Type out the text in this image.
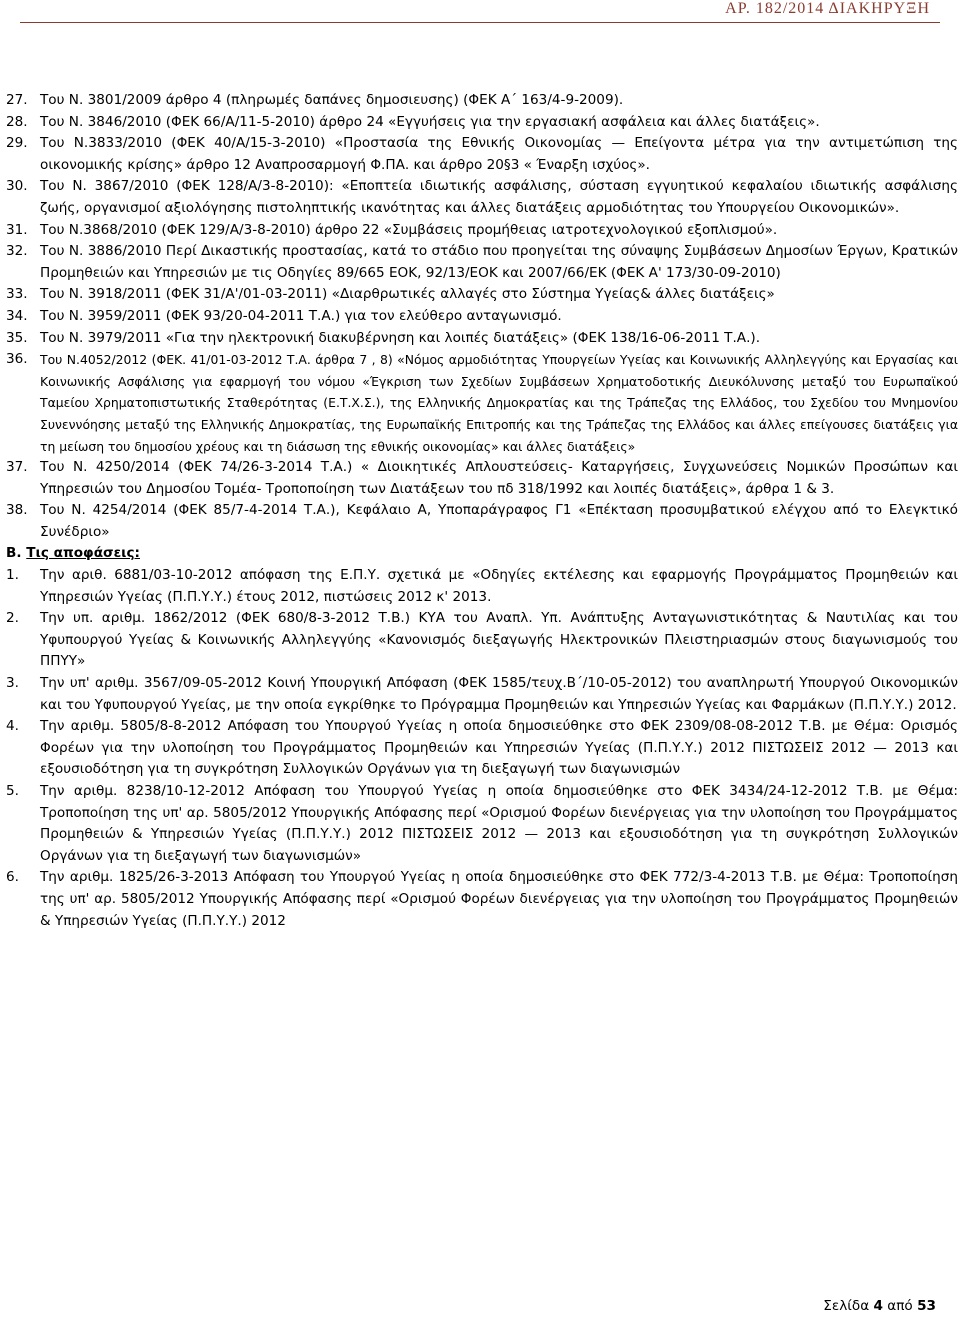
ΑΡ. 182/2014 ΔΙΑΚΗΡΥΞΗ
27. Του Ν. 3801/2009 άρθρο 4 (πληρωμές δαπάνες δημοσιευσης) (ΦΕΚ Α΄ 163/4-9-2009).
28. Του Ν. 3846/2010 (ΦΕΚ 66/Α/11-5-2010) άρθρο 24 «Εγγυήσεις για την εργασιακή ασφάλεια και άλλες διατάξεις».
29. Του Ν.3833/2010 (ΦΕΚ 40/Α/15-3-2010) «Προστασία της Εθνικής Οικονομίας — Επείγοντα μέτρα για την αντιμετώπιση της οικονομικής κρίσης» άρθρο 12 Αναπροσαρμογή Φ.ΠΑ. και άρθρο 20§3 « Έναρξη ισχύος».
30. Του Ν. 3867/2010 (ΦΕΚ 128/Α/3-8-2010): «Εποπτεία ιδιωτικής ασφάλισης, σύσταση εγγυητικού κεφαλαίου ιδιωτικής ασφάλισης ζωής, οργανισμοί αξιολόγησης πιστοληπτικής ικανότητας και άλλες διατάξεις αρμοδιότητας του Υπουργείου Οικονομικών».
31. Του Ν.3868/2010 (ΦΕΚ 129/Α/3-8-2010) άρθρο 22 «Συμβάσεις προμήθειας ιατροτεχνολογικού εξοπλισμού».
32. Του Ν. 3886/2010 Περί Δικαστικής προστασίας, κατά το στάδιο που προηγείται της σύναψης Συμβάσεων Δημοσίων Έργων, Κρατικών Προμηθειών και Υπηρεσιών με τις Οδηγίες 89/665 ΕΟΚ, 92/13/ΕΟΚ και 2007/66/ΕΚ (ΦΕΚ Α' 173/30-09-2010)
33. Του Ν. 3918/2011 (ΦΕΚ 31/Α'/01-03-2011) «Διαρθρωτικές αλλαγές στο Σύστημα Υγείας& άλλες διατάξεις»
34. Του Ν. 3959/2011 (ΦΕΚ 93/20-04-2011 Τ.Α.) για τον ελεύθερο ανταγωνισμό.
35. Του Ν. 3979/2011 «Για την ηλεκτρονική διακυβέρνηση και λοιπές διατάξεις» (ΦΕΚ 138/16-06-2011 Τ.Α.).
36. Του Ν.4052/2012 (ΦΕΚ. 41/01-03-2012 Τ.Α. άρθρα 7 , 8) «Νόμος αρμοδιότητας Υπουργείων Υγείας και Κοινωνικής Αλληλεγγύης και Εργασίας και Κοινωνικής Ασφάλισης για εφαρμογή του νόμου «Έγκριση των Σχεδίων Συμβάσεων Χρηματοδοτικής Διευκόλυνσης μεταξύ του Ευρωπαϊκού Ταμείου Χρηματοπιστωτικής Σταθερότητας (Ε.Τ.Χ.Σ.), της Ελληνικής Δημοκρατίας και της Τράπεζας της Ελλάδος, του Σχεδίου του Μνημονίου Συνεννόησης μεταξύ της Ελληνικής Δημοκρατίας, της Ευρωπαϊκής Επιτροπής και της Τράπεζας της Ελλάδος και άλλες επείγουσες διατάξεις για τη μείωση του δημοσίου χρέους και τη διάσωση της εθνικής οικονομίας» και άλλες διατάξεις»
37. Του Ν. 4250/2014 (ΦΕΚ 74/26-3-2014 Τ.Α.) « Διοικητικές Απλουστεύσεις- Καταργήσεις, Συγχωνεύσεις Νομικών Προσώπων και Υπηρεσιών του Δημοσίου Τομέα- Τροποποίηση των Διατάξεων του πδ 318/1992 και λοιπές διατάξεις», άρθρα 1 & 3.
38. Του Ν. 4254/2014 (ΦΕΚ 85/7-4-2014 Τ.Α.), Κεφάλαιο Α, Υποπαράγραφος Γ1 «Επέκταση προσυμβατικού ελέγχου από το Ελεγκτικό Συνέδριο»
Β. Τις αποφάσεις:
1.	Την αριθ. 6881/03-10-2012 απόφαση της Ε.Π.Υ. σχετικά με «Οδηγίες εκτέλεσης και εφαρμογής Προγράμματος Προμηθειών και Υπηρεσιών Υγείας (Π.Π.Υ.Υ.) έτους 2012, πιστώσεις 2012 κ' 2013.
2.	Την υπ. αριθμ. 1862/2012 (ΦΕΚ 680/8-3-2012 Τ.Β.) ΚΥΑ του Αναπλ. Υπ. Ανάπτυξης Ανταγωνιστικότητας & Ναυτιλίας και του Υφυπουργού Υγείας & Κοινωνικής Αλληλεγγύης «Κανονισμός διεξαγωγής Ηλεκτρονικών Πλειστηριασμών στους διαγωνισμούς του ΠΠΥΥ»
3.	Την υπ' αριθμ. 3567/09-05-2012 Κοινή Υπουργική Απόφαση (ΦΕΚ 1585/τευχ.Β΄/10-05-2012) του αναπληρωτή Υπουργού Οικονομικών και του Υφυπουργού Υγείας, με την οποία εγκρίθηκε το Πρόγραμμα Προμηθειών και Υπηρεσιών Υγείας και Φαρμάκων (Π.Π.Υ.Υ.) 2012.
4.	Την αριθμ. 5805/8-8-2012 Απόφαση του Υπουργού Υγείας η οποία δημοσιεύθηκε στο ΦΕΚ 2309/08-08-2012 Τ.Β. με Θέμα: Ορισμός Φορέων για την υλοποίηση του Προγράμματος Προμηθειών και Υπηρεσιών Υγείας (Π.Π.Υ.Υ.) 2012 ΠΙΣΤΩΣΕΙΣ 2012 — 2013 και εξουσιοδότηση για τη συγκρότηση Συλλογικών Οργάνων για τη διεξαγωγή των διαγωνισμών
5.	Την αριθμ. 8238/10-12-2012 Απόφαση του Υπουργού Υγείας η οποία δημοσιεύθηκε στο ΦΕΚ 3434/24-12-2012 Τ.Β. με Θέμα: Τροποποίηση της υπ' αρ. 5805/2012 Υπουργικής Απόφασης περί «Ορισμού Φορέων διενέργειας για την υλοποίηση του Προγράμματος Προμηθειών & Υπηρεσιών Υγείας (Π.Π.Υ.Υ.) 2012 ΠΙΣΤΩΣΕΙΣ 2012 — 2013 και εξουσιοδότηση για τη συγκρότηση Συλλογικών Οργάνων για τη διεξαγωγή των διαγωνισμών»
6.	Την αριθμ. 1825/26-3-2013 Απόφαση του Υπουργού Υγείας η οποία δημοσιεύθηκε στο ΦΕΚ 772/3-4-2013 Τ.Β. με Θέμα: Τροποποίηση της υπ' αρ. 5805/2012 Υπουργικής Απόφασης περί «Ορισμού Φορέων διενέργειας για την υλοποίηση του Προγράμματος Προμηθειών & Υπηρεσιών Υγείας (Π.Π.Υ.Υ.) 2012
Σελίδα 4 από 53
